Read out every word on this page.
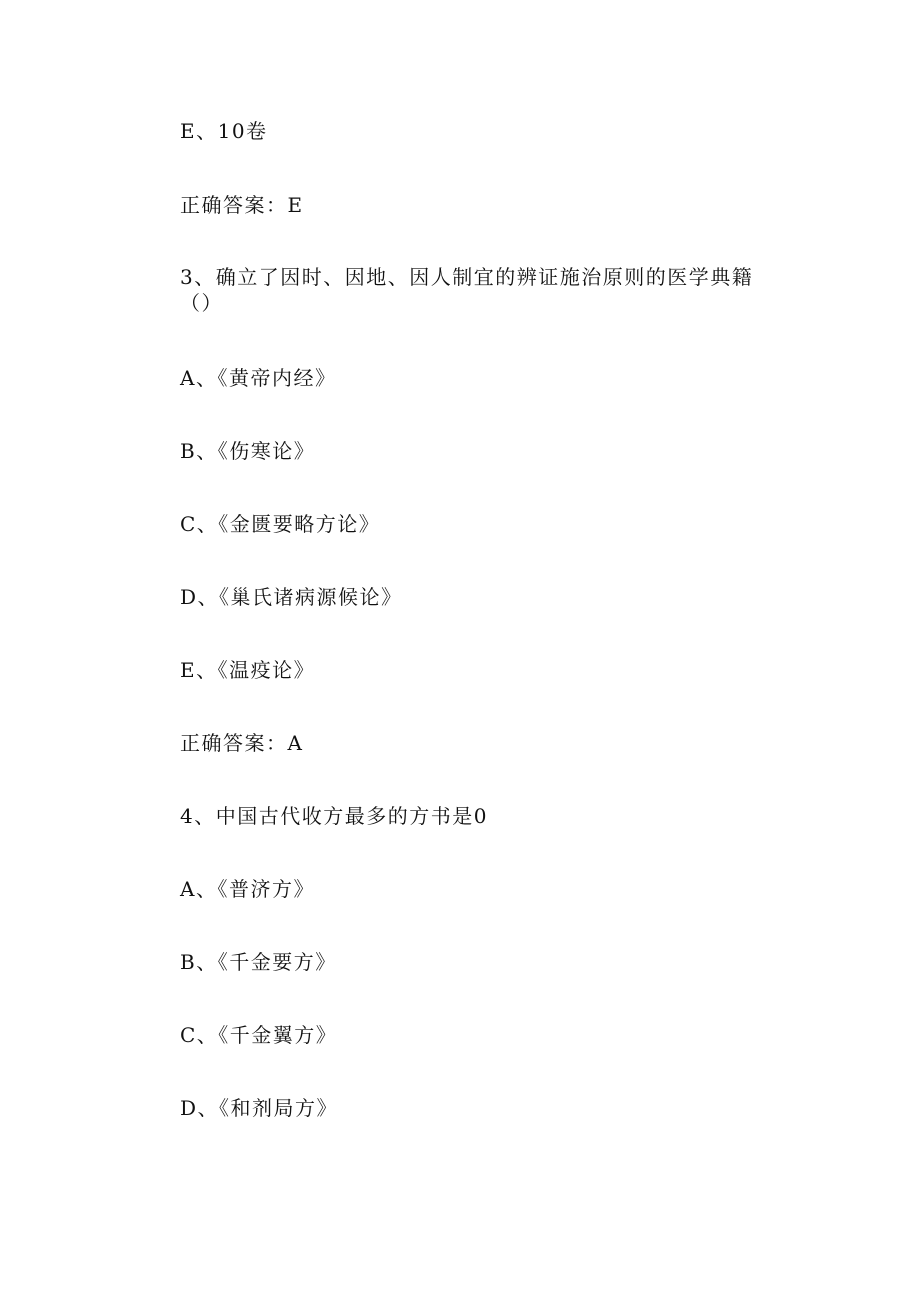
E、10卷
正确答案：E
3、确立了因时、因地、因人制宜的辨证施治原则的医学典籍（）
A、《黄帝内经》
B、《伤寒论》
C、《金匮要略方论》
D、《巢氏诸病源候论》
E、《温疫论》
正确答案：A
4、中国古代收方最多的方书是0
A、《普济方》
B、《千金要方》
C、《千金翼方》
D、《和剂局方》
